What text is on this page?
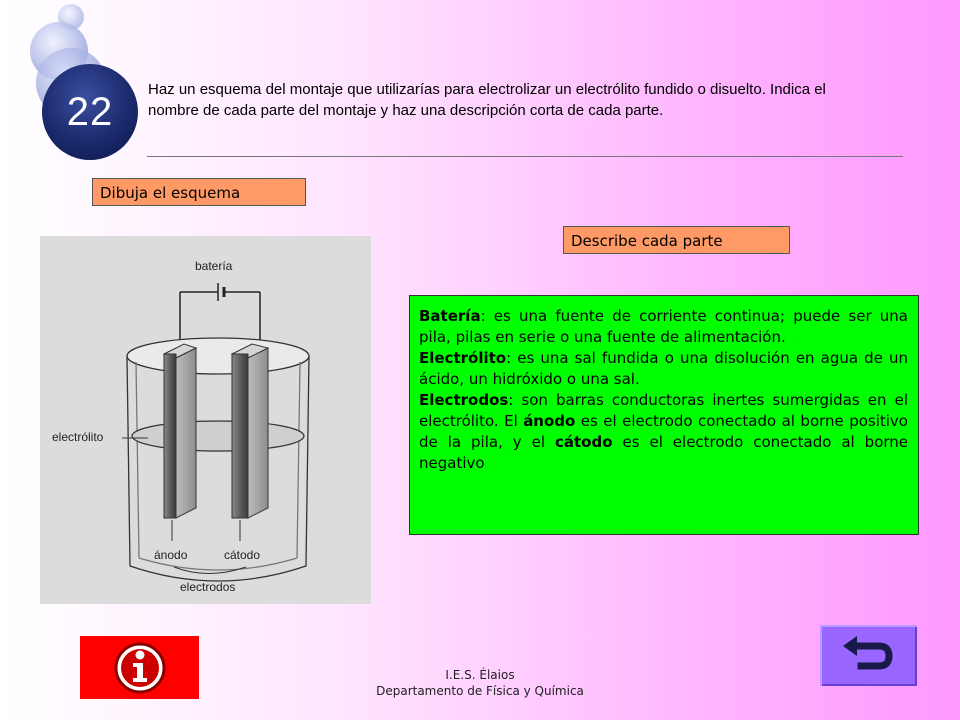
22 Haz un esquema del montaje que utilizarías para electrolizar un electrólito fundido o disuelto. Indica el nombre de cada parte del montaje y haz una descripción corta de cada parte.
Dibuja el esquema
Describe cada parte
batería
electrólito
ánodo	cátodo
electrodos

Batería: es una fuente de corriente continua; puede ser una pila, pilas en serie o una fuente de alimentación.

Electrólito: es una sal fundida o una disolución en agua de un ácido, un hidróxido o una sal.

Electrodos: son barras conductoras inertes sumergidas en el electrólito. El ánodo es el electrodo conectado al borne positivo de la pila, y el cátodo es el electrodo conectado al borne negativo

I.E.S. Élaios
Departamento de Física y Química
